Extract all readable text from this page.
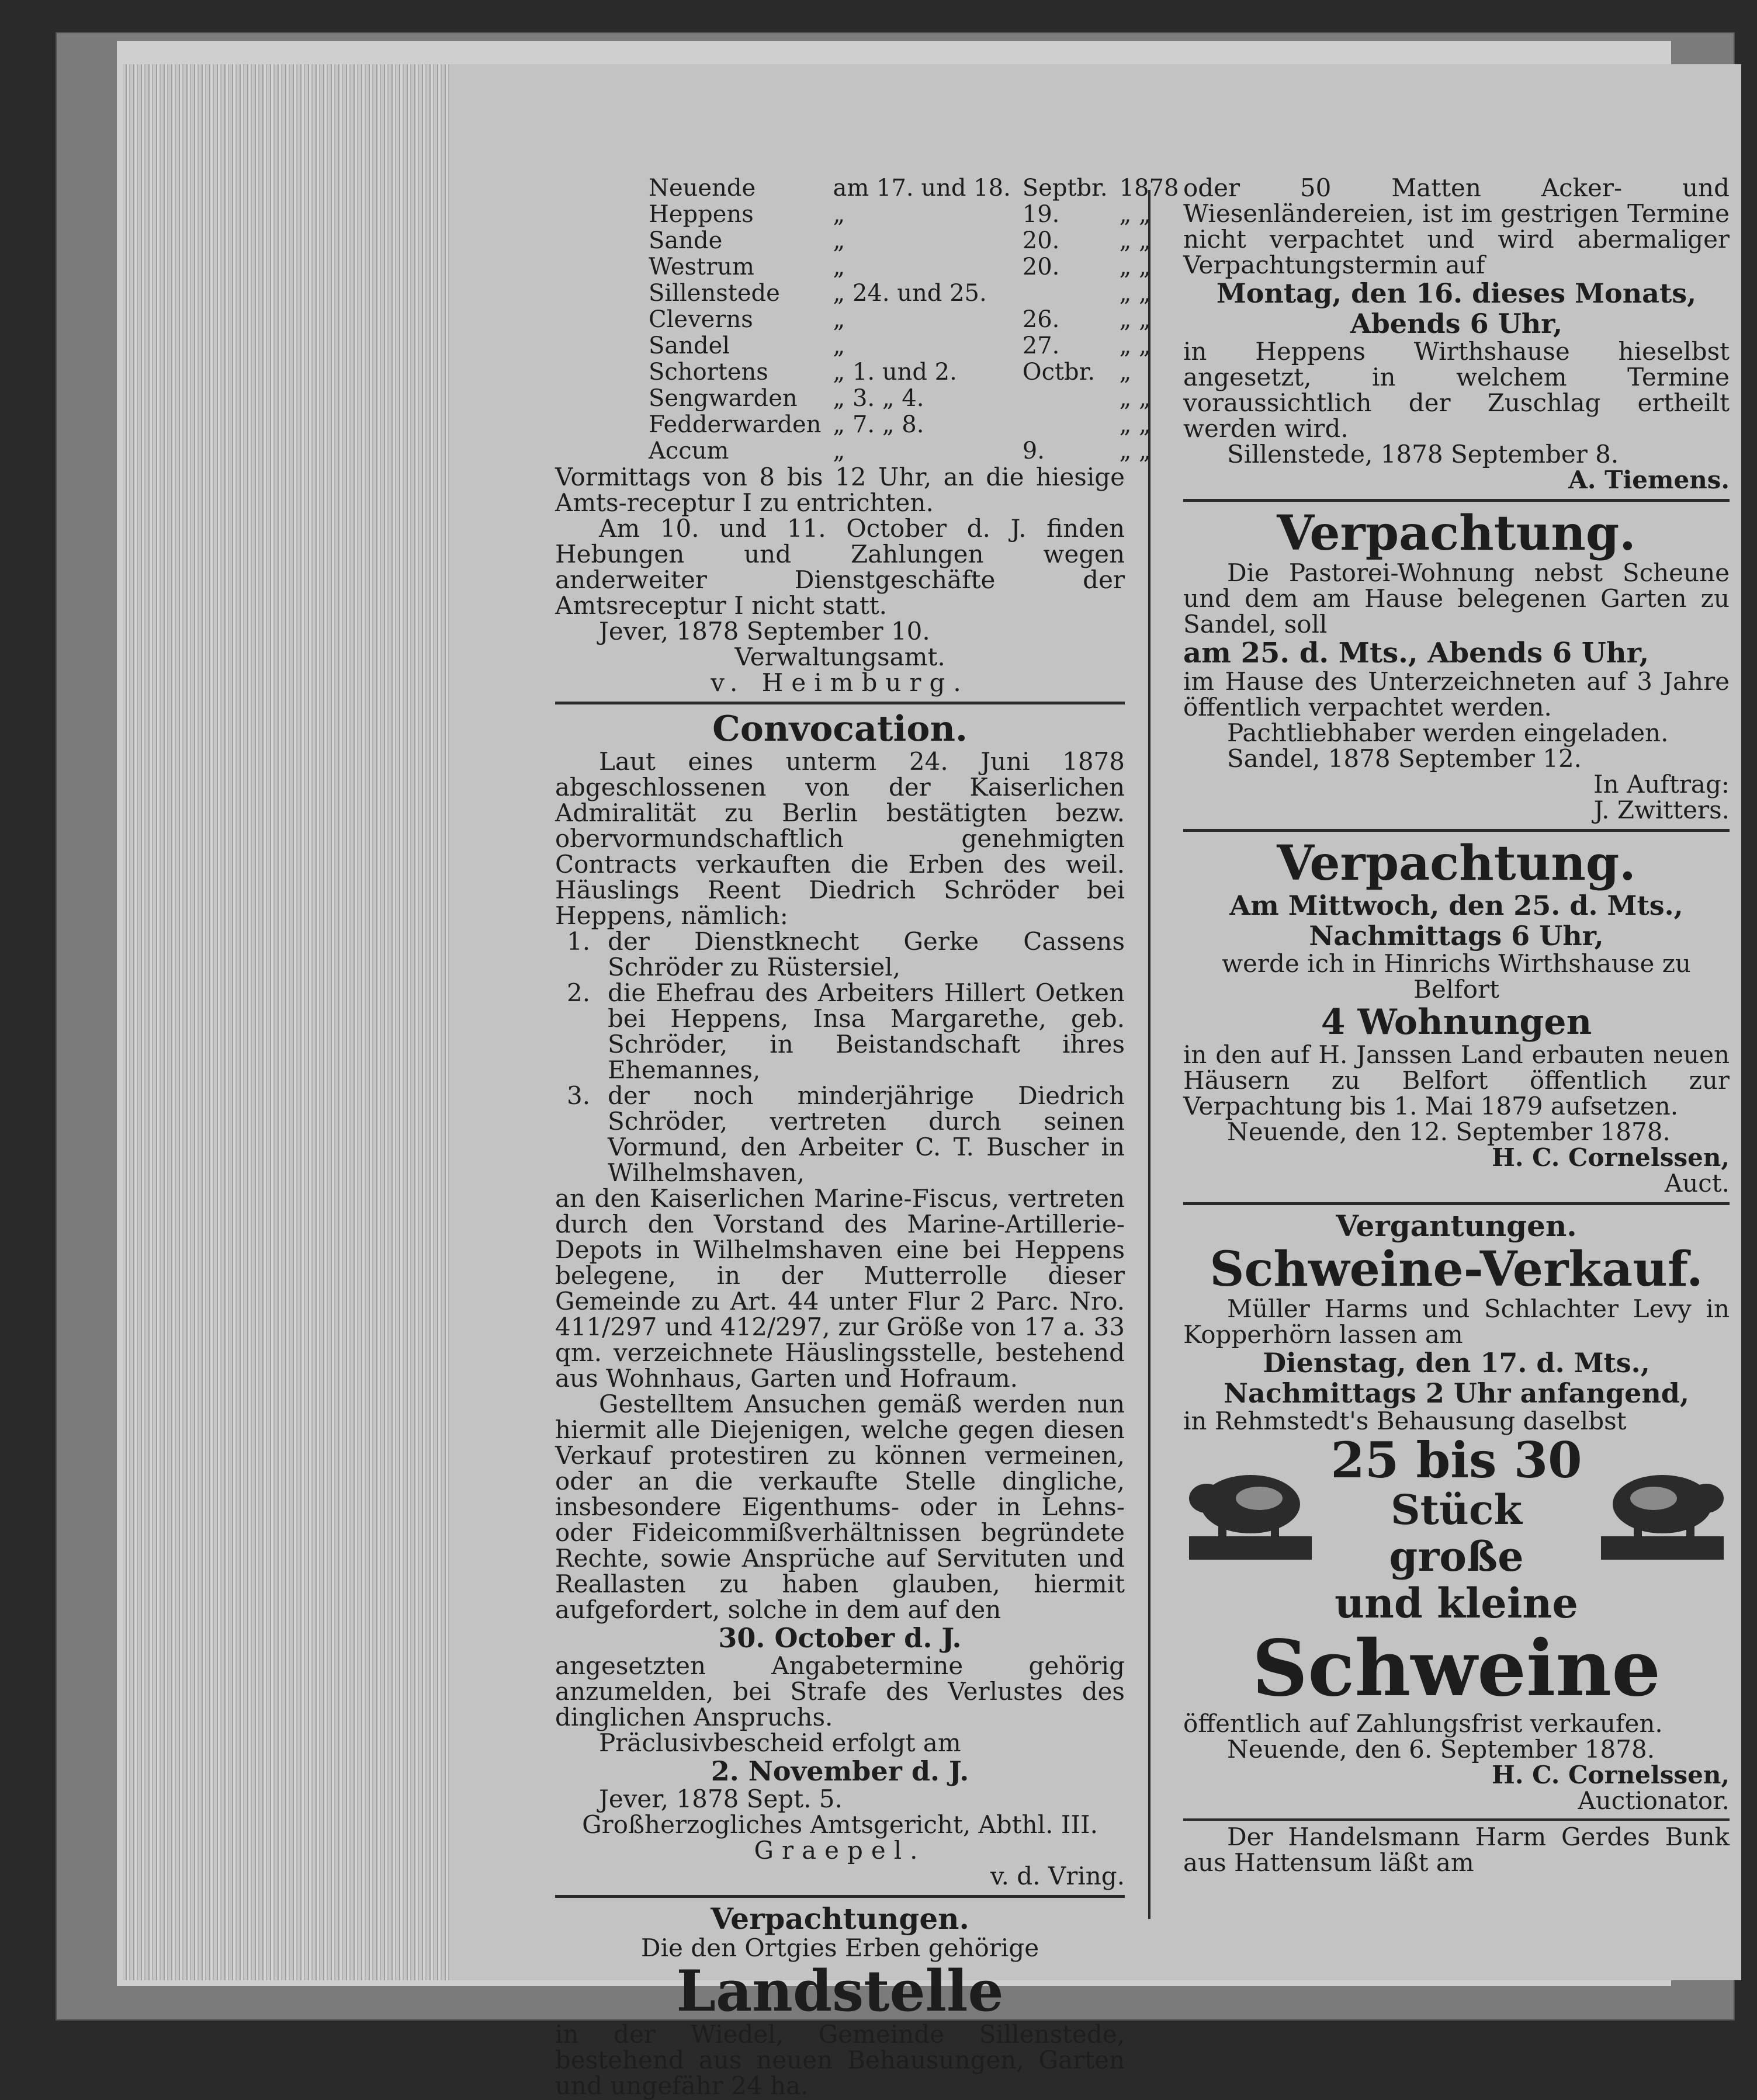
Neuende	am 17. und 18.	Septbr.	1878
Heppens	„	19.	„ „
Sande	„	20.	„ „
Westrum	„	20.	„ „
Sillenstede	„ 24. und 25.		„ „
Cleverns	„	26.	„ „
Sandel	„	27.	„ „
Schortens	„ 1. und 2.	Octbr.	„
Sengwarden	„ 3. „ 4.		„ „
Fedderwarden	„ 7. „ 8.		„ „
Accum	„	9.	„ „

Vormittags von 8 bis 12 Uhr, an die hiesige Amts-receptur I zu entrichten.

Am 10. und 11. October d. J. finden Hebungen und Zahlungen wegen anderweiter Dienstgeschäfte der Amtsreceptur I nicht statt.

Jever, 1878 September 10.

Verwaltungsamt.

v. Heimburg.

Convocation.

Laut eines unterm 24. Juni 1878 abgeschlossenen von der Kaiserlichen Admiralität zu Berlin bestätigten bezw. obervormundschaftlich genehmigten Contracts verkauften die Erben des weil. Häuslings Reent Diedrich Schröder bei Heppens, nämlich:

1. der Dienstknecht Gerke Cassens Schröder zu Rüstersiel,
2. die Ehefrau des Arbeiters Hillert Oetken bei Heppens, Insa Margarethe, geb. Schröder, in Beistandschaft ihres Ehemannes,
3. der noch minderjährige Diedrich Schröder, vertreten durch seinen Vormund, den Arbeiter C. T. Buscher in Wilhelmshaven,

an den Kaiserlichen Marine-Fiscus, vertreten durch den Vorstand des Marine-Artillerie-Depots in Wilhelmshaven eine bei Heppens belegene, in der Mutterrolle dieser Gemeinde zu Art. 44 unter Flur 2 Parc. Nro. 411/297 und 412/297, zur Größe von 17 a. 33 qm. verzeichnete Häuslingsstelle, bestehend aus Wohnhaus, Garten und Hofraum.

Gestelltem Ansuchen gemäß werden nun hiermit alle Diejenigen, welche gegen diesen Verkauf protestiren zu können vermeinen, oder an die verkaufte Stelle dingliche, insbesondere Eigenthums- oder in Lehns- oder Fideicommißverhältnissen begründete Rechte, sowie Ansprüche auf Servituten und Reallasten zu haben glauben, hiermit aufgefordert, solche in dem auf den

30. October d. J.

angesetzten Angabetermine gehörig anzumelden, bei Strafe des Verlustes des dinglichen Anspruchs.

Präclusivbescheid erfolgt am

2. November d. J.

Jever, 1878 Sept. 5.

Großherzogliches Amtsgericht, Abthl. III.

Graepel.

v. d. Vring.

Verpachtungen.

Die den Ortgies Erben gehörige

Landstelle

in der Wiedel, Gemeinde Sillenstede, bestehend aus neuen Behausungen, Garten und ungefähr 24 ha.

oder 50 Matten Acker- und Wiesenländereien, ist im gestrigen Termine nicht verpachtet und wird abermaliger Verpachtungstermin auf

Montag, den 16. dieses Monats,

Abends 6 Uhr,

in Heppens Wirthshause hieselbst angesetzt, in welchem Termine voraussichtlich der Zuschlag ertheilt werden wird.

Sillenstede, 1878 September 8.

A. Tiemens.

Verpachtung.

Die Pastorei-Wohnung nebst Scheune und dem am Hause belegenen Garten zu Sandel, soll

am 25. d. Mts., Abends 6 Uhr,

im Hause des Unterzeichneten auf 3 Jahre öffentlich verpachtet werden.

Pachtliebhaber werden eingeladen.

Sandel, 1878 September 12.

In Auftrag:

J. Zwitters.

Verpachtung.

Am Mittwoch, den 25. d. Mts.,

Nachmittags 6 Uhr,

werde ich in Hinrichs Wirthshause zu Belfort

4 Wohnungen

in den auf H. Janssen Land erbauten neuen Häusern zu Belfort öffentlich zur Verpachtung bis 1. Mai 1879 aufsetzen.

Neuende, den 12. September 1878.

H. C. Cornelssen,

Auct.

Vergantungen.

Schweine-Verkauf.

Müller Harms und Schlachter Levy in Kopperhörn lassen am

Dienstag, den 17. d. Mts.,

Nachmittags 2 Uhr anfangend,

in Rehmstedt's Behausung daselbst

25 bis 30

Stück große

und kleine

Schweine

öffentlich auf Zahlungsfrist verkaufen.

Neuende, den 6. September 1878.

H. C. Cornelssen,

Auctionator.

Der Handelsmann Harm Gerdes Bunk aus Hattensum läßt am
